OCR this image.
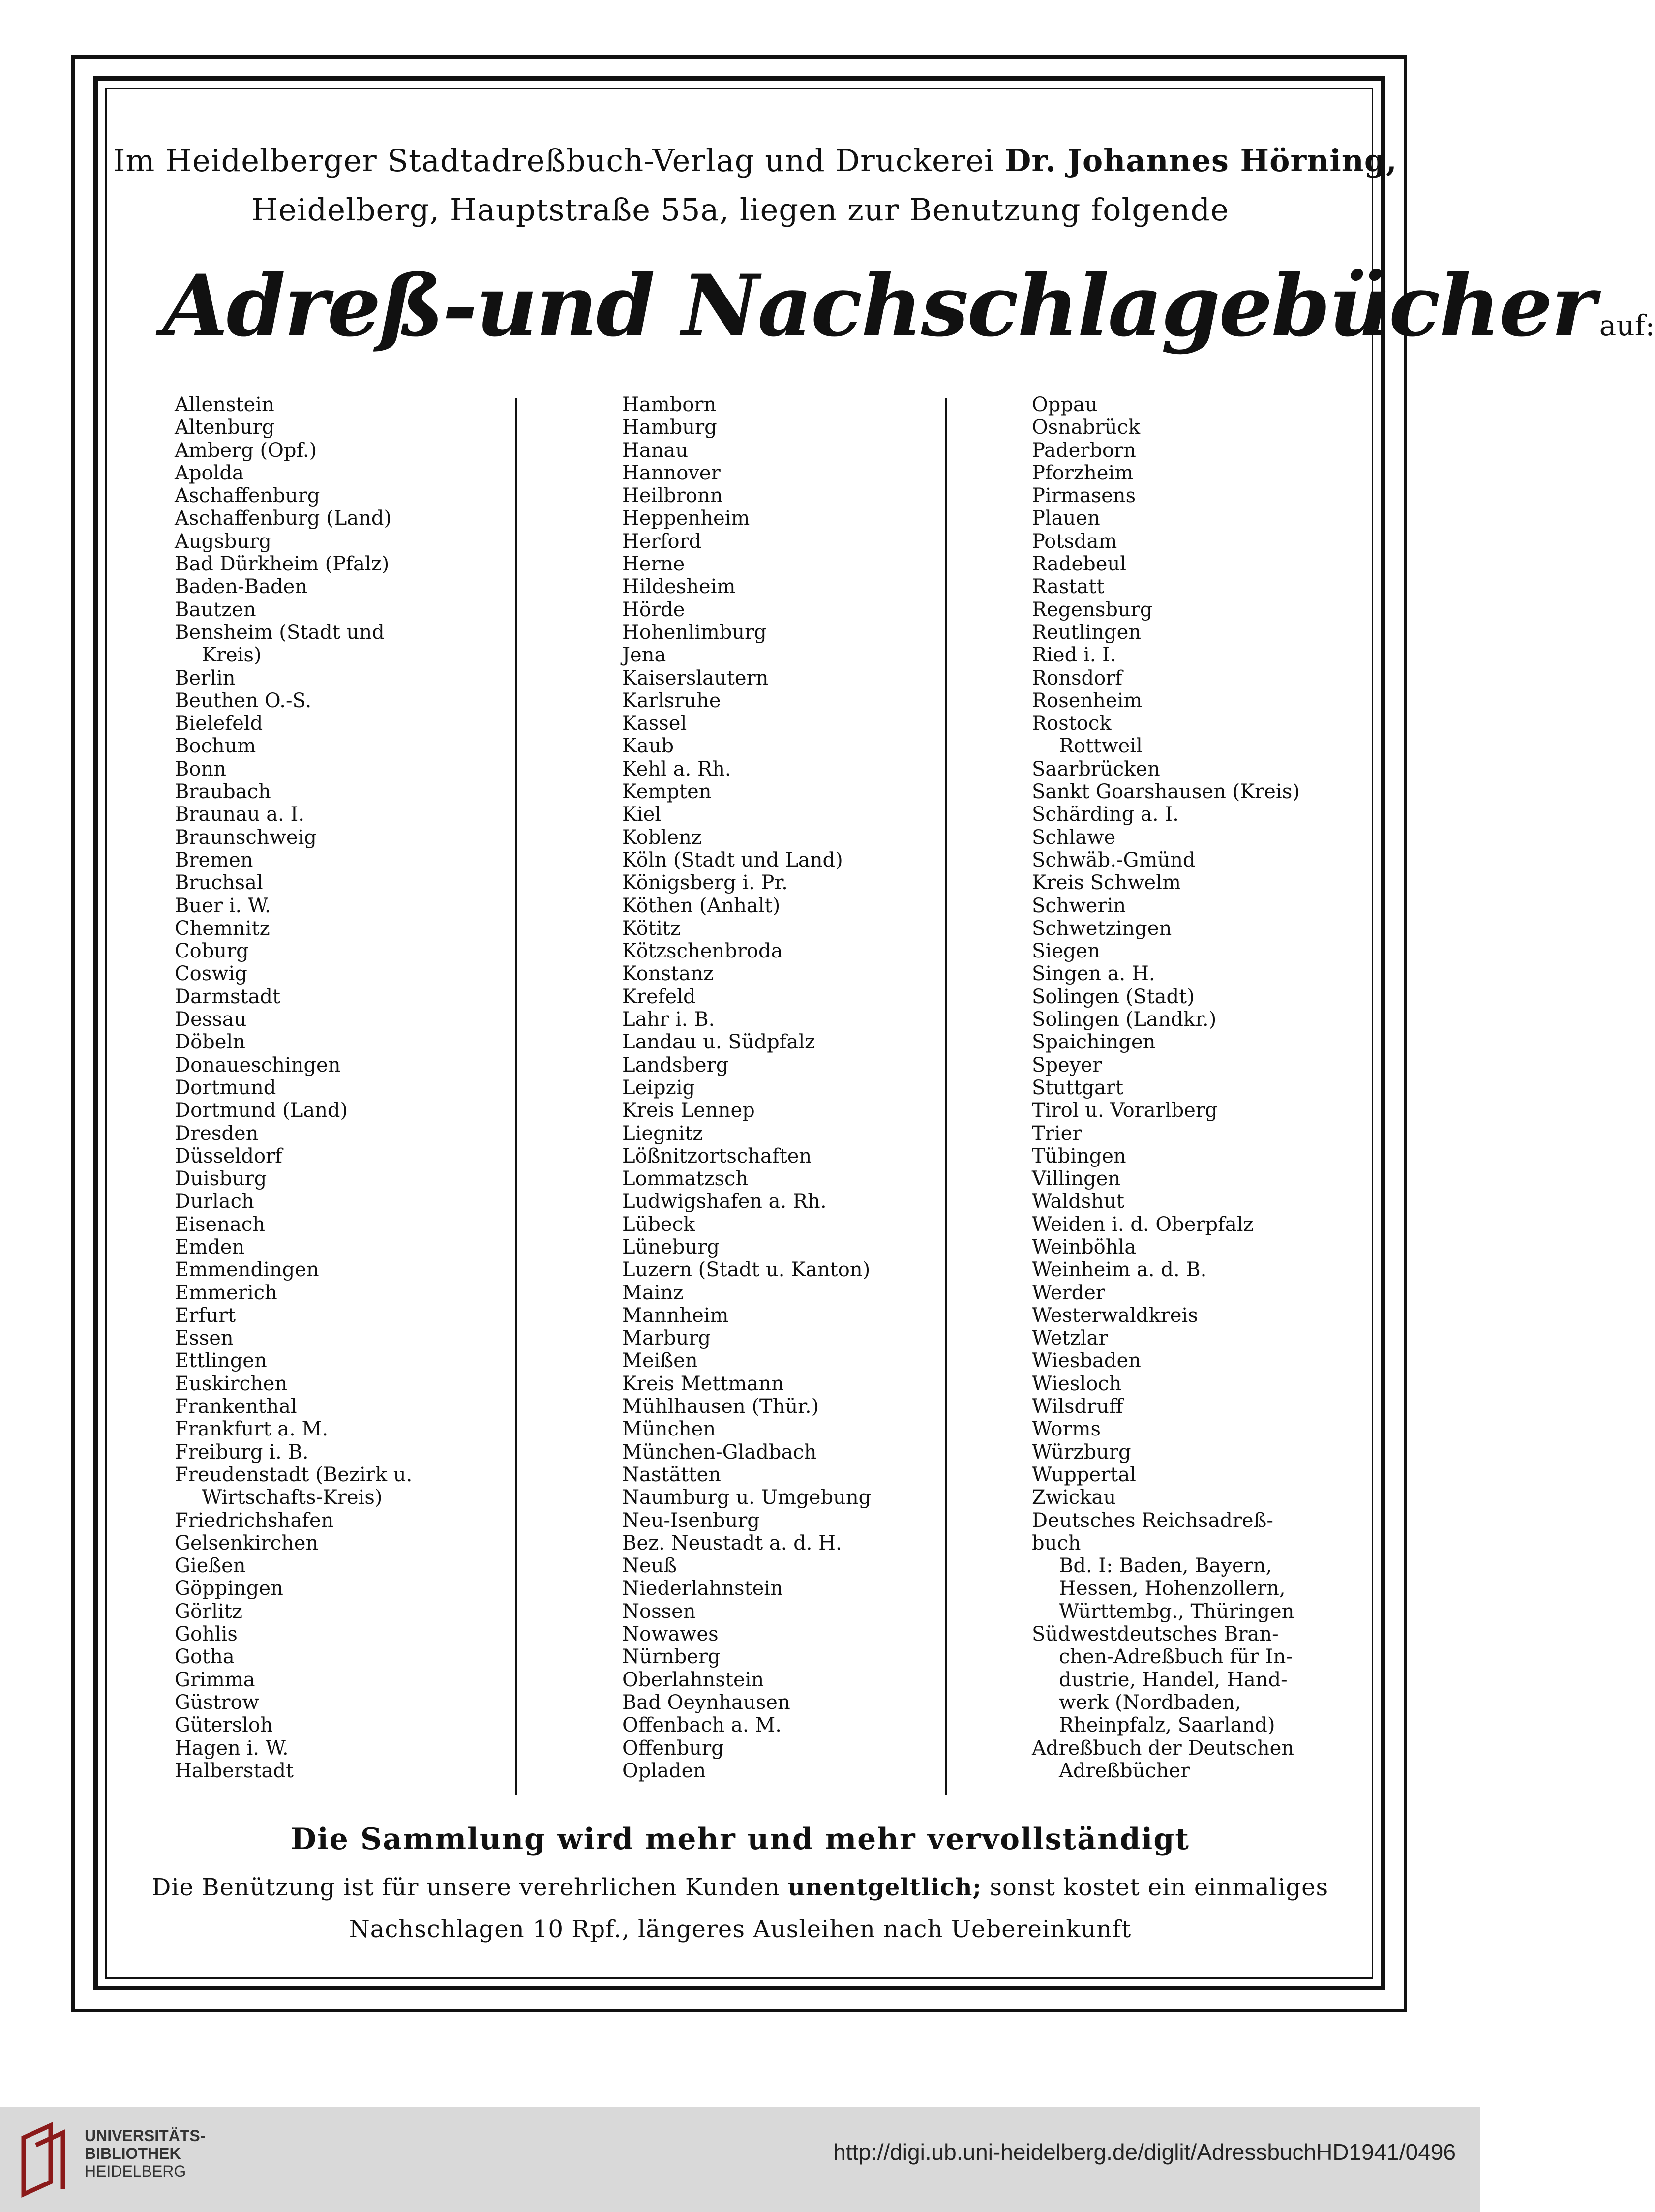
Im Heidelberger Stadtadreßbuch-Verlag und Druckerei Dr. Johannes Hörning,
Heidelberg, Hauptstraße 55a, liegen zur Benutzung folgende
Adreß-und Nachschlagebücher auf:
Allenstein
Altenburg
Amberg (Opf.)
Apolda
Aschaffenburg
Aschaffenburg (Land)
Augsburg
Bad Dürkheim (Pfalz)
Baden-Baden
Bautzen
Bensheim (Stadt und
Kreis)
Berlin
Beuthen O.-S.
Bielefeld
Bochum
Bonn
Braubach
Braunau a. I.
Braunschweig
Bremen
Bruchsal
Buer i. W.
Chemnitz
Coburg
Coswig
Darmstadt
Dessau
Döbeln
Donaueschingen
Dortmund
Dortmund (Land)
Dresden
Düsseldorf
Duisburg
Durlach
Eisenach
Emden
Emmendingen
Emmerich
Erfurt
Essen
Ettlingen
Euskirchen
Frankenthal
Frankfurt a. M.
Freiburg i. B.
Freudenstadt (Bezirk u.
Wirtschafts-Kreis)
Friedrichshafen
Gelsenkirchen
Gießen
Göppingen
Görlitz
Gohlis
Gotha
Grimma
Güstrow
Gütersloh
Hagen i. W.
Halberstadt
Hamborn
Hamburg
Hanau
Hannover
Heilbronn
Heppenheim
Herford
Herne
Hildesheim
Hörde
Hohenlimburg
Jena
Kaiserslautern
Karlsruhe
Kassel
Kaub
Kehl a. Rh.
Kempten
Kiel
Koblenz
Köln (Stadt und Land)
Königsberg i. Pr.
Köthen (Anhalt)
Kötitz
Kötzschenbroda
Konstanz
Krefeld
Lahr i. B.
Landau u. Südpfalz
Landsberg
Leipzig
Kreis Lennep
Liegnitz
Lößnitzortschaften
Lommatzsch
Ludwigshafen a. Rh.
Lübeck
Lüneburg
Luzern (Stadt u. Kanton)
Mainz
Mannheim
Marburg
Meißen
Kreis Mettmann
Mühlhausen (Thür.)
München
München-Gladbach
Nastätten
Naumburg u. Umgebung
Neu-Isenburg
Bez. Neustadt a. d. H.
Neuß
Niederlahnstein
Nossen
Nowawes
Nürnberg
Oberlahnstein
Bad Oeynhausen
Offenbach a. M.
Offenburg
Opladen
Oppau
Osnabrück
Paderborn
Pforzheim
Pirmasens
Plauen
Potsdam
Radebeul
Rastatt
Regensburg
Reutlingen
Ried i. I.
Ronsdorf
Rosenheim
Rostock
Rottweil
Saarbrücken
Sankt Goarshausen (Kreis)
Schärding a. I.
Schlawe
Schwäb.-Gmünd
Kreis Schwelm
Schwerin
Schwetzingen
Siegen
Singen a. H.
Solingen (Stadt)
Solingen (Landkr.)
Spaichingen
Speyer
Stuttgart
Tirol u. Vorarlberg
Trier
Tübingen
Villingen
Waldshut
Weiden i. d. Oberpfalz
Weinböhla
Weinheim a. d. B.
Werder
Westerwaldkreis
Wetzlar
Wiesbaden
Wiesloch
Wilsdruff
Worms
Würzburg
Wuppertal
Zwickau
Deutsches Reichsadreß-
buch
Bd. I: Baden, Bayern,
Hessen, Hohenzollern,
Württembg., Thüringen
Südwestdeutsches Bran-
chen-Adreßbuch für In-
dustrie, Handel, Hand-
werk (Nordbaden,
Rheinpfalz, Saarland)
Adreßbuch der Deutschen
Adreßbücher
Die Sammlung wird mehr und mehr vervollständigt
Die Benützung ist für unsere verehrlichen Kunden unentgeltlich; sonst kostet ein einmaliges
Nachschlagen 10 Rpf., längeres Ausleihen nach Uebereinkunft
UNIVERSITÄTS-
BIBLIOTHEK
HEIDELBERG
http://digi.ub.uni-heidelberg.de/diglit/AdressbuchHD1941/0496
